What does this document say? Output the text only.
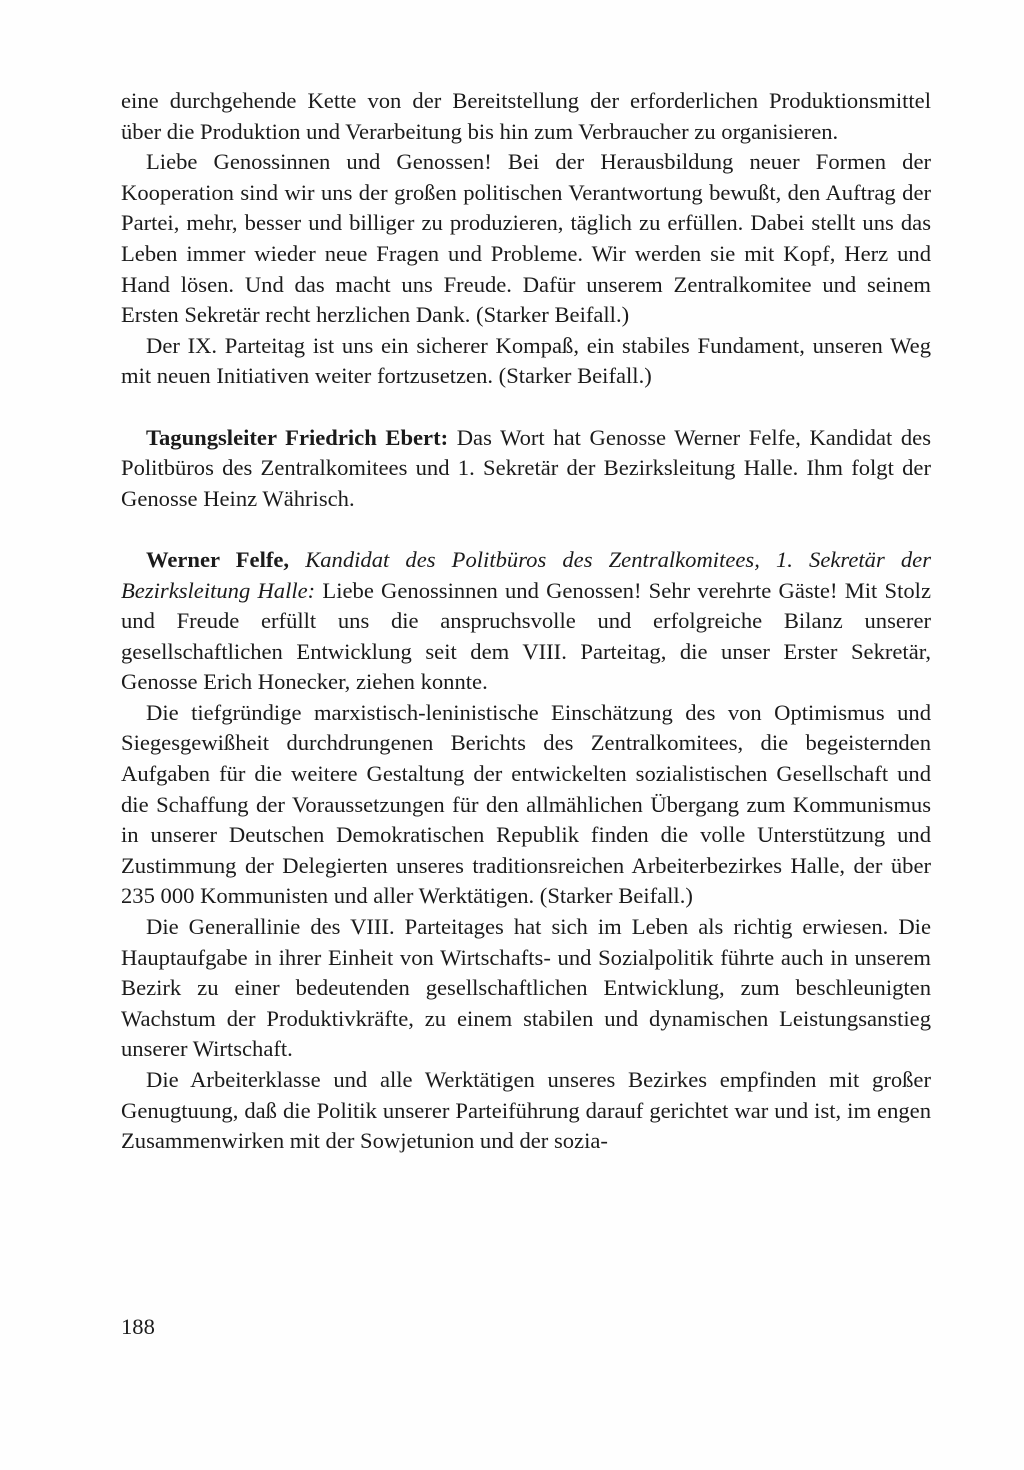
eine durchgehende Kette von der Bereitstellung der erforderlichen Produktionsmittel über die Produktion und Verarbeitung bis hin zum Verbraucher zu organisieren.

Liebe Genossinnen und Genossen! Bei der Herausbildung neuer Formen der Kooperation sind wir uns der großen politischen Verantwortung bewußt, den Auftrag der Partei, mehr, besser und billiger zu produzieren, täglich zu erfüllen. Dabei stellt uns das Leben immer wieder neue Fragen und Probleme. Wir werden sie mit Kopf, Herz und Hand lösen. Und das macht uns Freude. Dafür unserem Zentralkomitee und seinem Ersten Sekretär recht herzlichen Dank. (Starker Beifall.)

Der IX. Parteitag ist uns ein sicherer Kompaß, ein stabiles Fundament, unseren Weg mit neuen Initiativen weiter fortzusetzen. (Starker Beifall.)

Tagungsleiter Friedrich Ebert: Das Wort hat Genosse Werner Felfe, Kandidat des Politbüros des Zentralkomitees und 1. Sekretär der Bezirksleitung Halle. Ihm folgt der Genosse Heinz Währisch.

Werner Felfe, Kandidat des Politbüros des Zentralkomitees, 1. Sekretär der Bezirksleitung Halle: Liebe Genossinnen und Genossen! Sehr verehrte Gäste! Mit Stolz und Freude erfüllt uns die anspruchsvolle und erfolgreiche Bilanz unserer gesellschaftlichen Entwicklung seit dem VIII. Parteitag, die unser Erster Sekretär, Genosse Erich Honecker, ziehen konnte.

Die tiefgründige marxistisch-leninistische Einschätzung des von Optimismus und Siegesgewißheit durchdrungenen Berichts des Zentralkomitees, die begeisternden Aufgaben für die weitere Gestaltung der entwickelten sozialistischen Gesellschaft und die Schaffung der Voraussetzungen für den allmählichen Übergang zum Kommunismus in unserer Deutschen Demokratischen Republik finden die volle Unterstützung und Zustimmung der Delegierten unseres traditionsreichen Arbeiterbezirkes Halle, der über 235 000 Kommunisten und aller Werktätigen. (Starker Beifall.)

Die Generallinie des VIII. Parteitages hat sich im Leben als richtig erwiesen. Die Hauptaufgabe in ihrer Einheit von Wirtschafts- und Sozialpolitik führte auch in unserem Bezirk zu einer bedeutenden gesellschaftlichen Entwicklung, zum beschleunigten Wachstum der Produktivkräfte, zu einem stabilen und dynamischen Leistungsanstieg unserer Wirtschaft.

Die Arbeiterklasse und alle Werktätigen unseres Bezirkes empfinden mit großer Genugtuung, daß die Politik unserer Parteiführung darauf gerichtet war und ist, im engen Zusammenwirken mit der Sowjetunion und der sozia-

188
